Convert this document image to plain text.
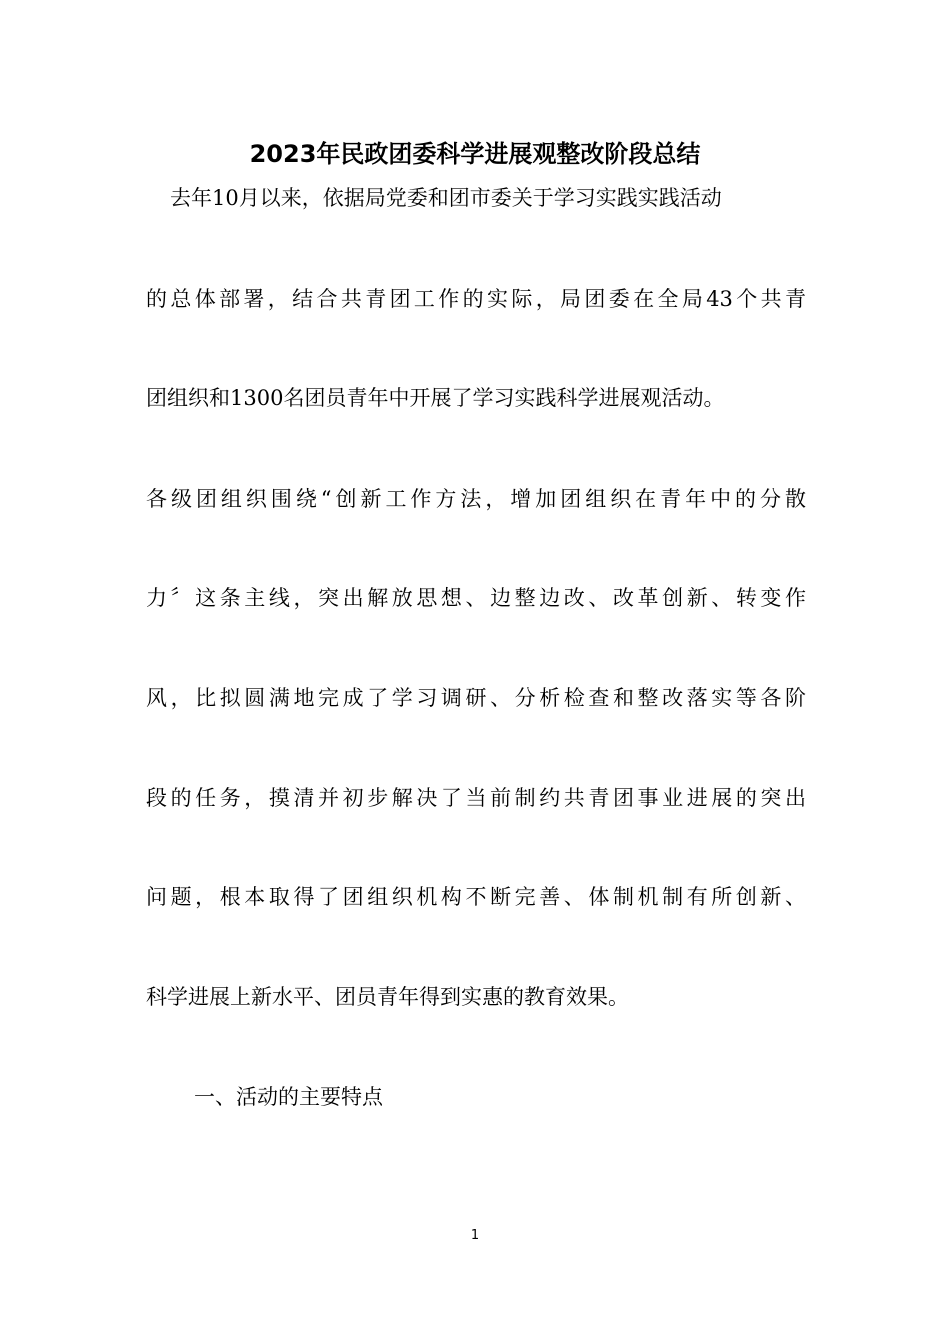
2023年民政团委科学进展观整改阶段总结

去年10月以来，依据局党委和团市委关于学习实践实践活动

的总体部署，结合共青团工作的实际，局团委在全局43个共青

团组织和1300名团员青年中开展了学习实践科学进展观活动。

各级团组织围绕“创新工作方法，增加团组织在青年中的分散

力〞这条主线，突出解放思想、边整边改、改革创新、转变作

风，比拟圆满地完成了学习调研、分析检查和整改落实等各阶

段的任务，摸清并初步解决了当前制约共青团事业进展的突出

问题，根本取得了团组织机构不断完善、体制机制有所创新、

科学进展上新水平、团员青年得到实惠的教育效果。

一、活动的主要特点
1
